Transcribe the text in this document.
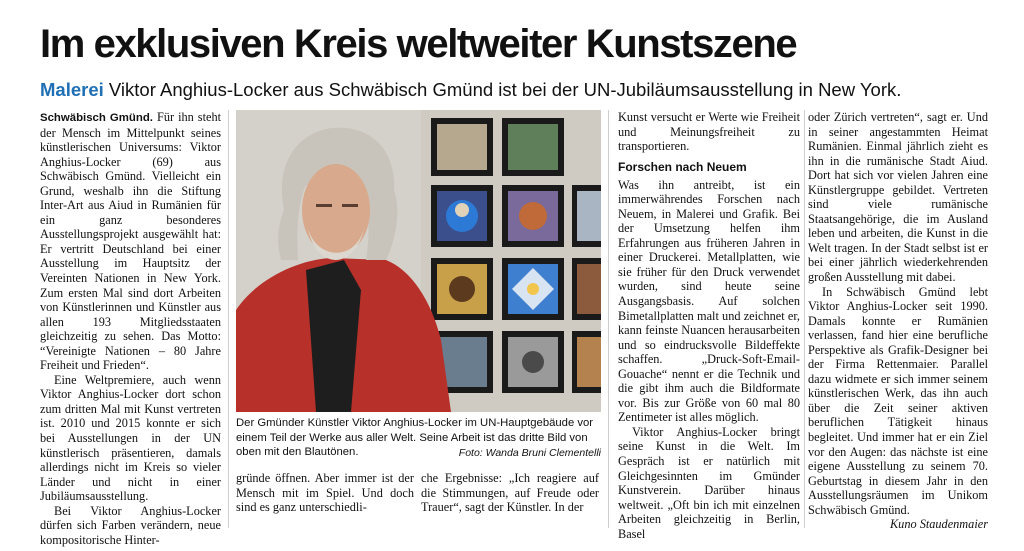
Im exklusiven Kreis weltweiter Kunstszene

Malerei Viktor Anghius-Locker aus Schwäbisch Gmünd ist bei der UN-Jubiläumsausstellung in New York.

Schwäbisch Gmünd. Für ihn steht der Mensch im Mittelpunkt seines künstlerischen Universums: Viktor Anghius-Locker (69) aus Schwäbisch Gmünd. Vielleicht ein Grund, weshalb ihn die Stiftung Inter-Art aus Aiud in Rumänien für ein ganz besonderes Ausstellungsprojekt ausgewählt hat: Er vertritt Deutschland bei einer Ausstellung im Hauptsitz der Vereinten Nationen in New York. Zum ersten Mal sind dort Arbeiten von Künstlerinnen und Künstler aus allen 193 Mitgliedsstaaten gleichzeitig zu sehen. Das Motto: “Vereinigte Nationen – 80 Jahre Freiheit und Frieden“.

Eine Weltpremiere, auch wenn Viktor Anghius-Locker dort schon zum dritten Mal mit Kunst vertreten ist. 2010 und 2015 konnte er sich bei Ausstellungen in der UN künstlerisch präsentieren, damals allerdings nicht im Kreis so vieler Länder und nicht in einer Jubiläumsausstellung.

Bei Viktor Anghius-Locker dürfen sich Farben verändern, neue kompositorische Hinter-

Der Gmünder Künstler Viktor Anghius-Locker im UN-Hauptgebäude vor einem Teil der Werke aus aller Welt. Seine Arbeit ist das dritte Bild von oben mit den Blautönen.	Foto: Wanda Bruni Clementelli

gründe öffnen. Aber immer ist der Mensch mit im Spiel. Und doch sind es ganz unterschiedli-

che Ergebnisse: „Ich reagiere auf die Stimmungen, auf Freude oder Trauer“, sagt der Künstler. In der

Kunst versucht er Werte wie Freiheit und Meinungsfreiheit zu transportieren.

Forschen nach Neuem

Was ihn antreibt, ist ein immerwährendes Forschen nach Neuem, in Malerei und Grafik. Bei der Umsetzung helfen ihm Erfahrungen aus früheren Jahren in einer Druckerei. Metallplatten, wie sie früher für den Druck verwendet wurden, sind heute seine Ausgangsbasis. Auf solchen Bimetallplatten malt und zeichnet er, kann feinste Nuancen herausarbeiten und so eindrucksvolle Bildeffekte schaffen. „Druck-Soft-Email-Gouache“ nennt er die Technik und die gibt ihm auch die Bildformate vor. Bis zur Größe von 60 mal 80 Zentimeter ist alles möglich.

Viktor Anghius-Locker bringt seine Kunst in die Welt. Im Gespräch ist er natürlich mit Gleichgesinnten im Gmünder Kunstverein. Darüber hinaus weltweit. „Oft bin ich mit einzelnen Arbeiten gleichzeitig in Berlin, Basel

oder Zürich vertreten“, sagt er. Und in seiner angestammten Heimat Rumänien. Einmal jährlich zieht es ihn in die rumänische Stadt Aiud. Dort hat sich vor vielen Jahren eine Künstlergruppe gebildet. Vertreten sind viele rumänische Staatsangehörige, die im Ausland leben und arbeiten, die Kunst in die Welt tragen. In der Stadt selbst ist er bei einer jährlich wiederkehrenden großen Ausstellung mit dabei.

In Schwäbisch Gmünd lebt Viktor Anghius-Locker seit 1990. Damals konnte er Rumänien verlassen, fand hier eine berufliche Perspektive als Grafik-Designer bei der Firma Rettenmaier. Parallel dazu widmete er sich immer seinem künstlerischen Werk, das ihn auch über die Zeit seiner aktiven beruflichen Tätigkeit hinaus begleitet. Und immer hat er ein Ziel vor den Augen: das nächste ist eine eigene Ausstellung zu seinem 70. Geburtstag in diesem Jahr in den Ausstellungsräumen im Unikom Schwäbisch Gmünd.

Kuno Staudenmaier
